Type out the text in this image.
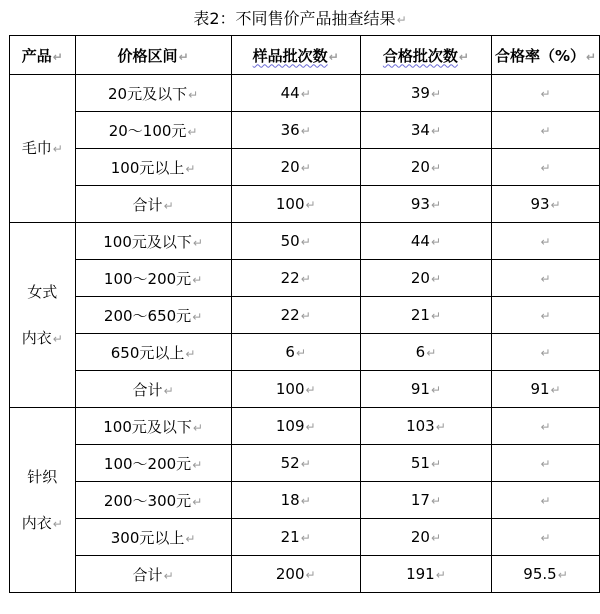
表2：不同售价产品抽查结果↵
产品↵	价格区间↵	样品批次数↵	合格批次数↵	合格率（%）↵

毛巾↵	20元及以下↵	44↵	39↵	↵
	20～100元↵	36↵	34↵	↵
	100元以上↵	20↵	20↵	↵
	合计↵	100↵	93↵	93↵

女式
内衣↵	100元及以下↵	50↵	44↵	↵
	100～200元↵	22↵	20↵	↵
	200～650元↵	22↵	21↵	↵
	650元以上↵	6↵	6↵	↵
	合计↵	100↵	91↵	91↵

针织
内衣↵	100元及以下↵	109↵	103↵	↵
	100～200元↵	52↵	51↵	↵
	200～300元↵	18↵	17↵	↵
	300元以上↵	21↵	20↵	↵
	合计↵	200↵	191↵	95.5↵
